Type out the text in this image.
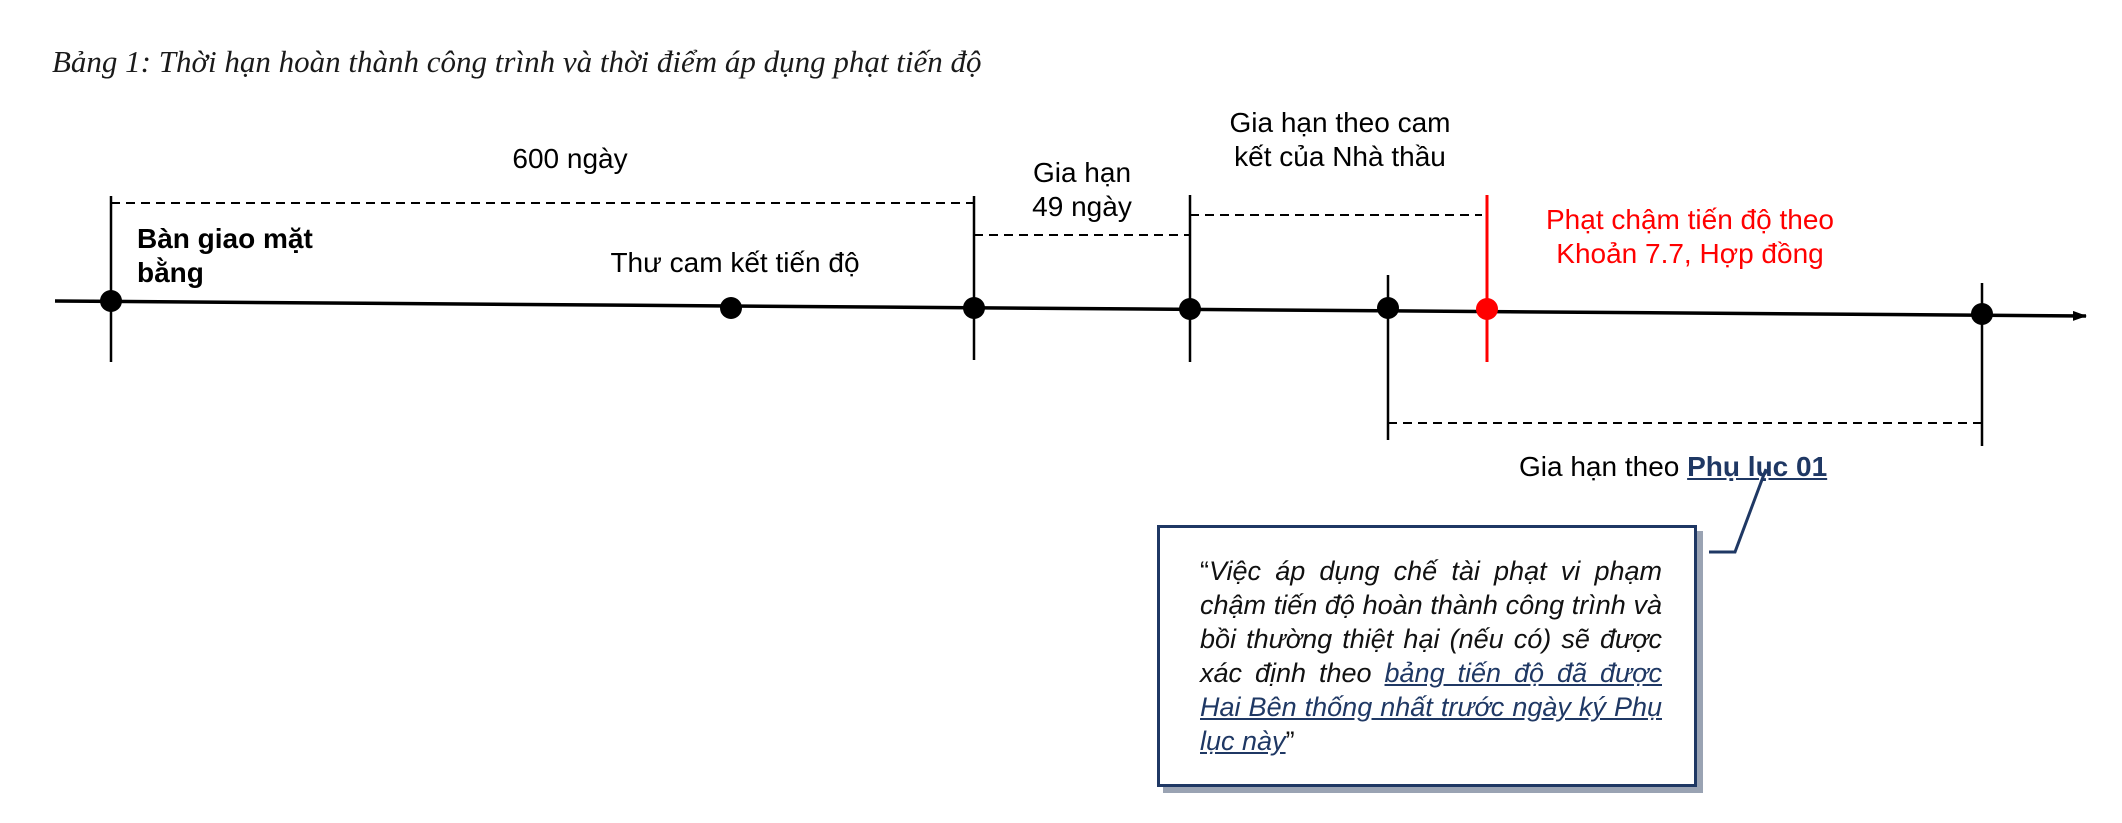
Bảng 1: Thời hạn hoàn thành công trình và thời điểm áp dụng phạt tiến độ
600 ngày
Bàn giao mặt bằng	Thư cam kết tiến độ
Gia hạn
49 ngày
Gia hạn theo cam
kết của Nhà thầu
Phạt chậm tiến độ theo
Khoản 7.7, Hợp đồng
Gia hạn theo Phụ lục 01
“Việc áp dụng chế tài phạt vi phạm chậm tiến độ hoàn thành công trình và bồi thường thiệt hại (nếu có) sẽ được xác định theo bảng tiến độ đã được Hai Bên thống nhất trước ngày ký Phụ lục này”
